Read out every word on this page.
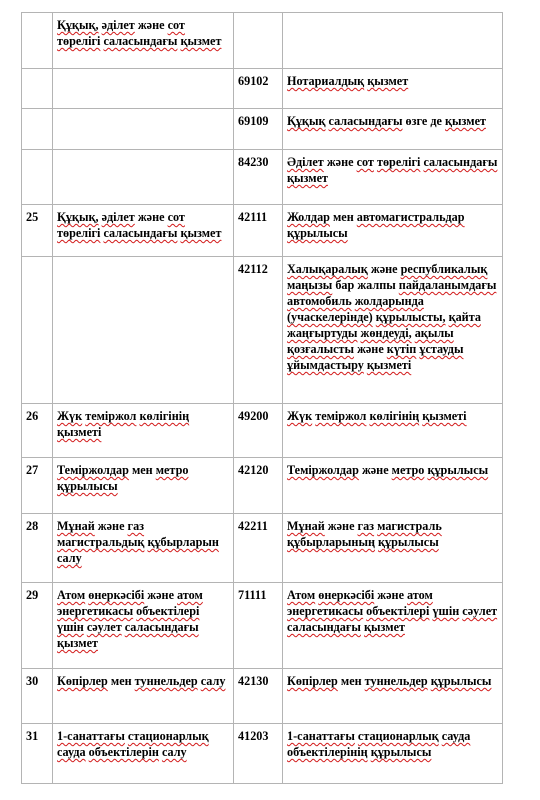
	Құқық, әділет және сот төрелігі саласындағы қызмет		
		69102	Нотариалдық қызмет
		69109	Құқық саласындағы өзге де қызмет
		84230	Әділет және сот төрелігі саласындағы қызмет
25	Құқық, әділет және сот төрелігі саласындағы қызмет	42111	Жолдар мен автомагистральдар құрылысы
		42112	Халықаралық және республикалық маңызы бар жалпы пайдаланымдағы автомобиль жолдарында (учаскелерінде) құрылысты, қайта жаңғыртуды жөндеуді, ақылы қозғалысты және күтіп ұстауды ұйымдастыру қызметі
26	Жүк теміржол көлігінің қызметі	49200	Жүк теміржол көлігінің қызметі
27	Теміржолдар мен метро құрылысы	42120	Теміржолдар және метро құрылысы
28	Мұнай және газ магистральдық құбырларын салу	42211	Мұнай және газ магистраль құбырларының құрылысы
29	Атом өнеркәсібі және атом энергетикасы объектілері үшін сәулет саласындағы қызмет	71111	Атом өнеркәсібі және атом энергетикасы объектілері үшін сәулет саласындағы қызмет
30	Көпірлер мен туннельдер салу	42130	Көпірлер мен туннельдер құрылысы
31	1-санаттағы стационарлық сауда объектілерін салу	41203	1-санаттағы стационарлық сауда объектілерінің құрылысы
